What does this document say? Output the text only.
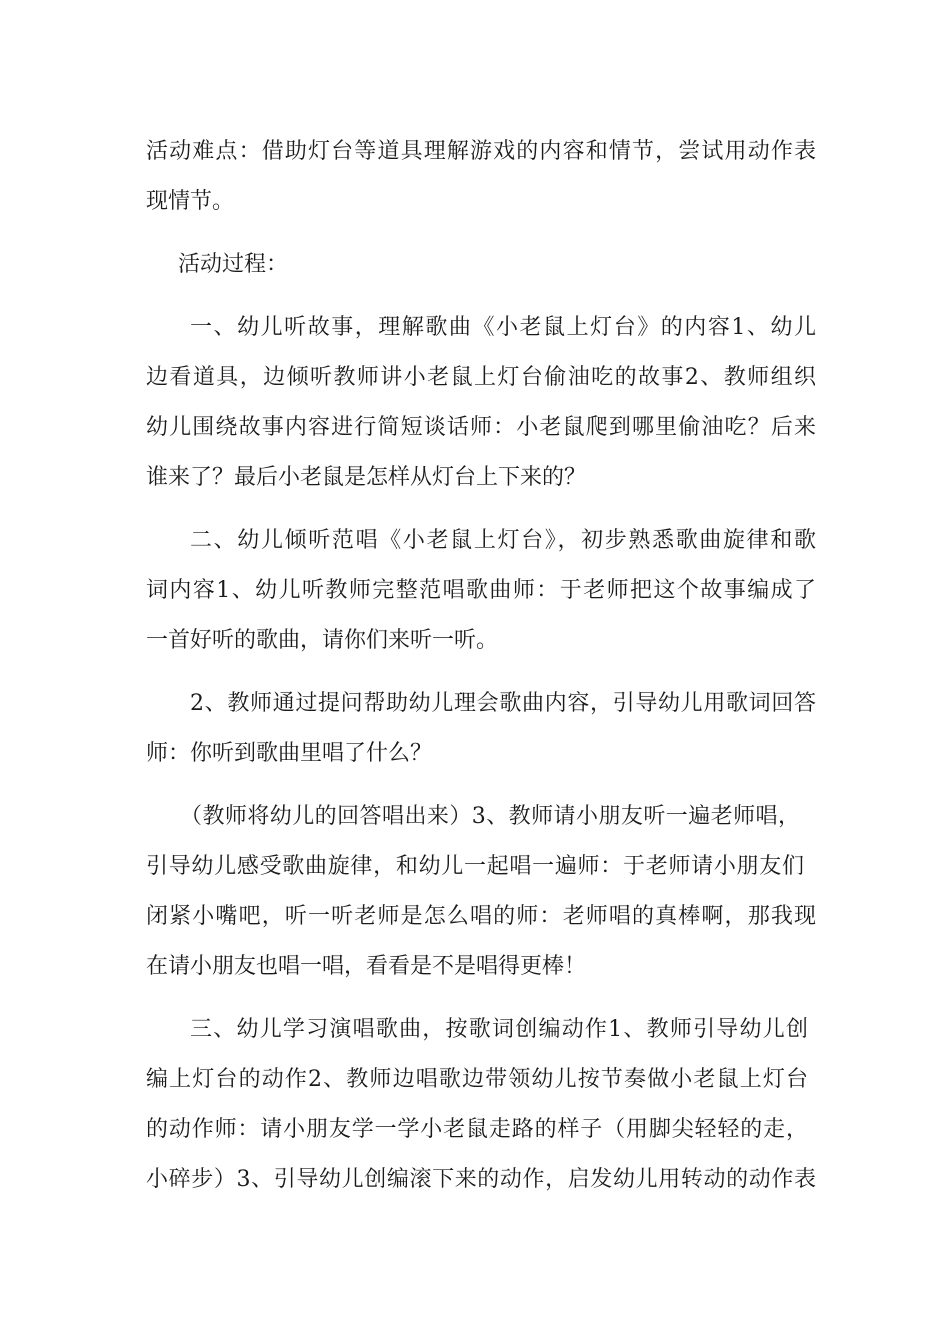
活动难点：借助灯台等道具理解游戏的内容和情节，尝试用动作表
现情节。
活动过程：
一、幼儿听故事，理解歌曲《小老鼠上灯台》的内容1、幼儿
边看道具，边倾听教师讲小老鼠上灯台偷油吃的故事2、教师组织
幼儿围绕故事内容进行简短谈话师：小老鼠爬到哪里偷油吃？后来
谁来了？最后小老鼠是怎样从灯台上下来的？
二、幼儿倾听范唱《小老鼠上灯台》，初步熟悉歌曲旋律和歌
词内容1、幼儿听教师完整范唱歌曲师：于老师把这个故事编成了
一首好听的歌曲，请你们来听一听。
2、教师通过提问帮助幼儿理会歌曲内容，引导幼儿用歌词回答
师：你听到歌曲里唱了什么？
（教师将幼儿的回答唱出来）3、教师请小朋友听一遍老师唱，
引导幼儿感受歌曲旋律，和幼儿一起唱一遍师：于老师请小朋友们
闭紧小嘴吧，听一听老师是怎么唱的师：老师唱的真棒啊，那我现
在请小朋友也唱一唱，看看是不是唱得更棒！
三、幼儿学习演唱歌曲，按歌词创编动作1、教师引导幼儿创
编上灯台的动作2、教师边唱歌边带领幼儿按节奏做小老鼠上灯台
的动作师：请小朋友学一学小老鼠走路的样子（用脚尖轻轻的走，
小碎步）3、引导幼儿创编滚下来的动作，启发幼儿用转动的动作表
